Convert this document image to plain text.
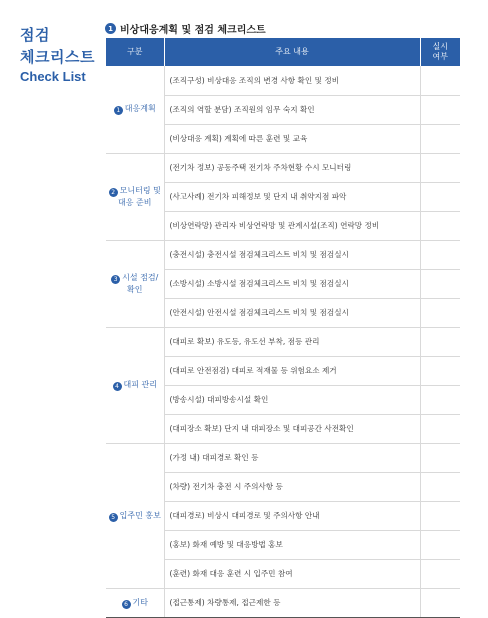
점검
체크리스트
Check List
1 비상대응계획 및 점검 체크리스트
구분	주요 내용	실시
여부
1 대응계획	(조직구성) 비상대응 조직의 변경 사항 확인 및 정비	
	(조직의 역할 분담) 조직원의 임무 숙지 확인	
	(비상대응 계획) 계획에 따른 훈련 및 교육	
2 모니터링 및
대응 준비	(전기차 정보) 공동주택 전기차 주차현황 수시 모니터링	
	(사고사례) 전기차 피해정보 및 단지 내 취약지점 파악	
	(비상연락망) 관리자 비상연락망 및 관계시설(조직) 연락망 정비	
3 시설 점검/
확인	(충전시설) 충전시설 점검체크리스트 비치 및 점검실시	
	(소방시설) 소방시설 점검체크리스트 비치 및 점검실시	
	(안전시설) 안전시설 점검체크리스트 비치 및 점검실시	
4 대피 관리	(대피로 확보) 유도등, 유도선 부착, 점등 관리	
	(대피로 안전점검) 대피로 적재물 등 위험요소 제거	
	(방송시설) 대피방송시설 확인	
	(대피장소 확보) 단지 내 대피장소 및 대피공간 사전확인	
5 입주민 홍보	(가정 내) 대피경로 확인 등	
	(차량) 전기차 충전 시 주의사항 등	
	(대피경로) 비상시 대피경로 및 주의사항 안내	
	(홍보) 화재 예방 및 대응방법 홍보	
	(훈련) 화재 대응 훈련 시 입주민 참여	
6 기타	(접근통제) 차량통제, 접근제한 등	
